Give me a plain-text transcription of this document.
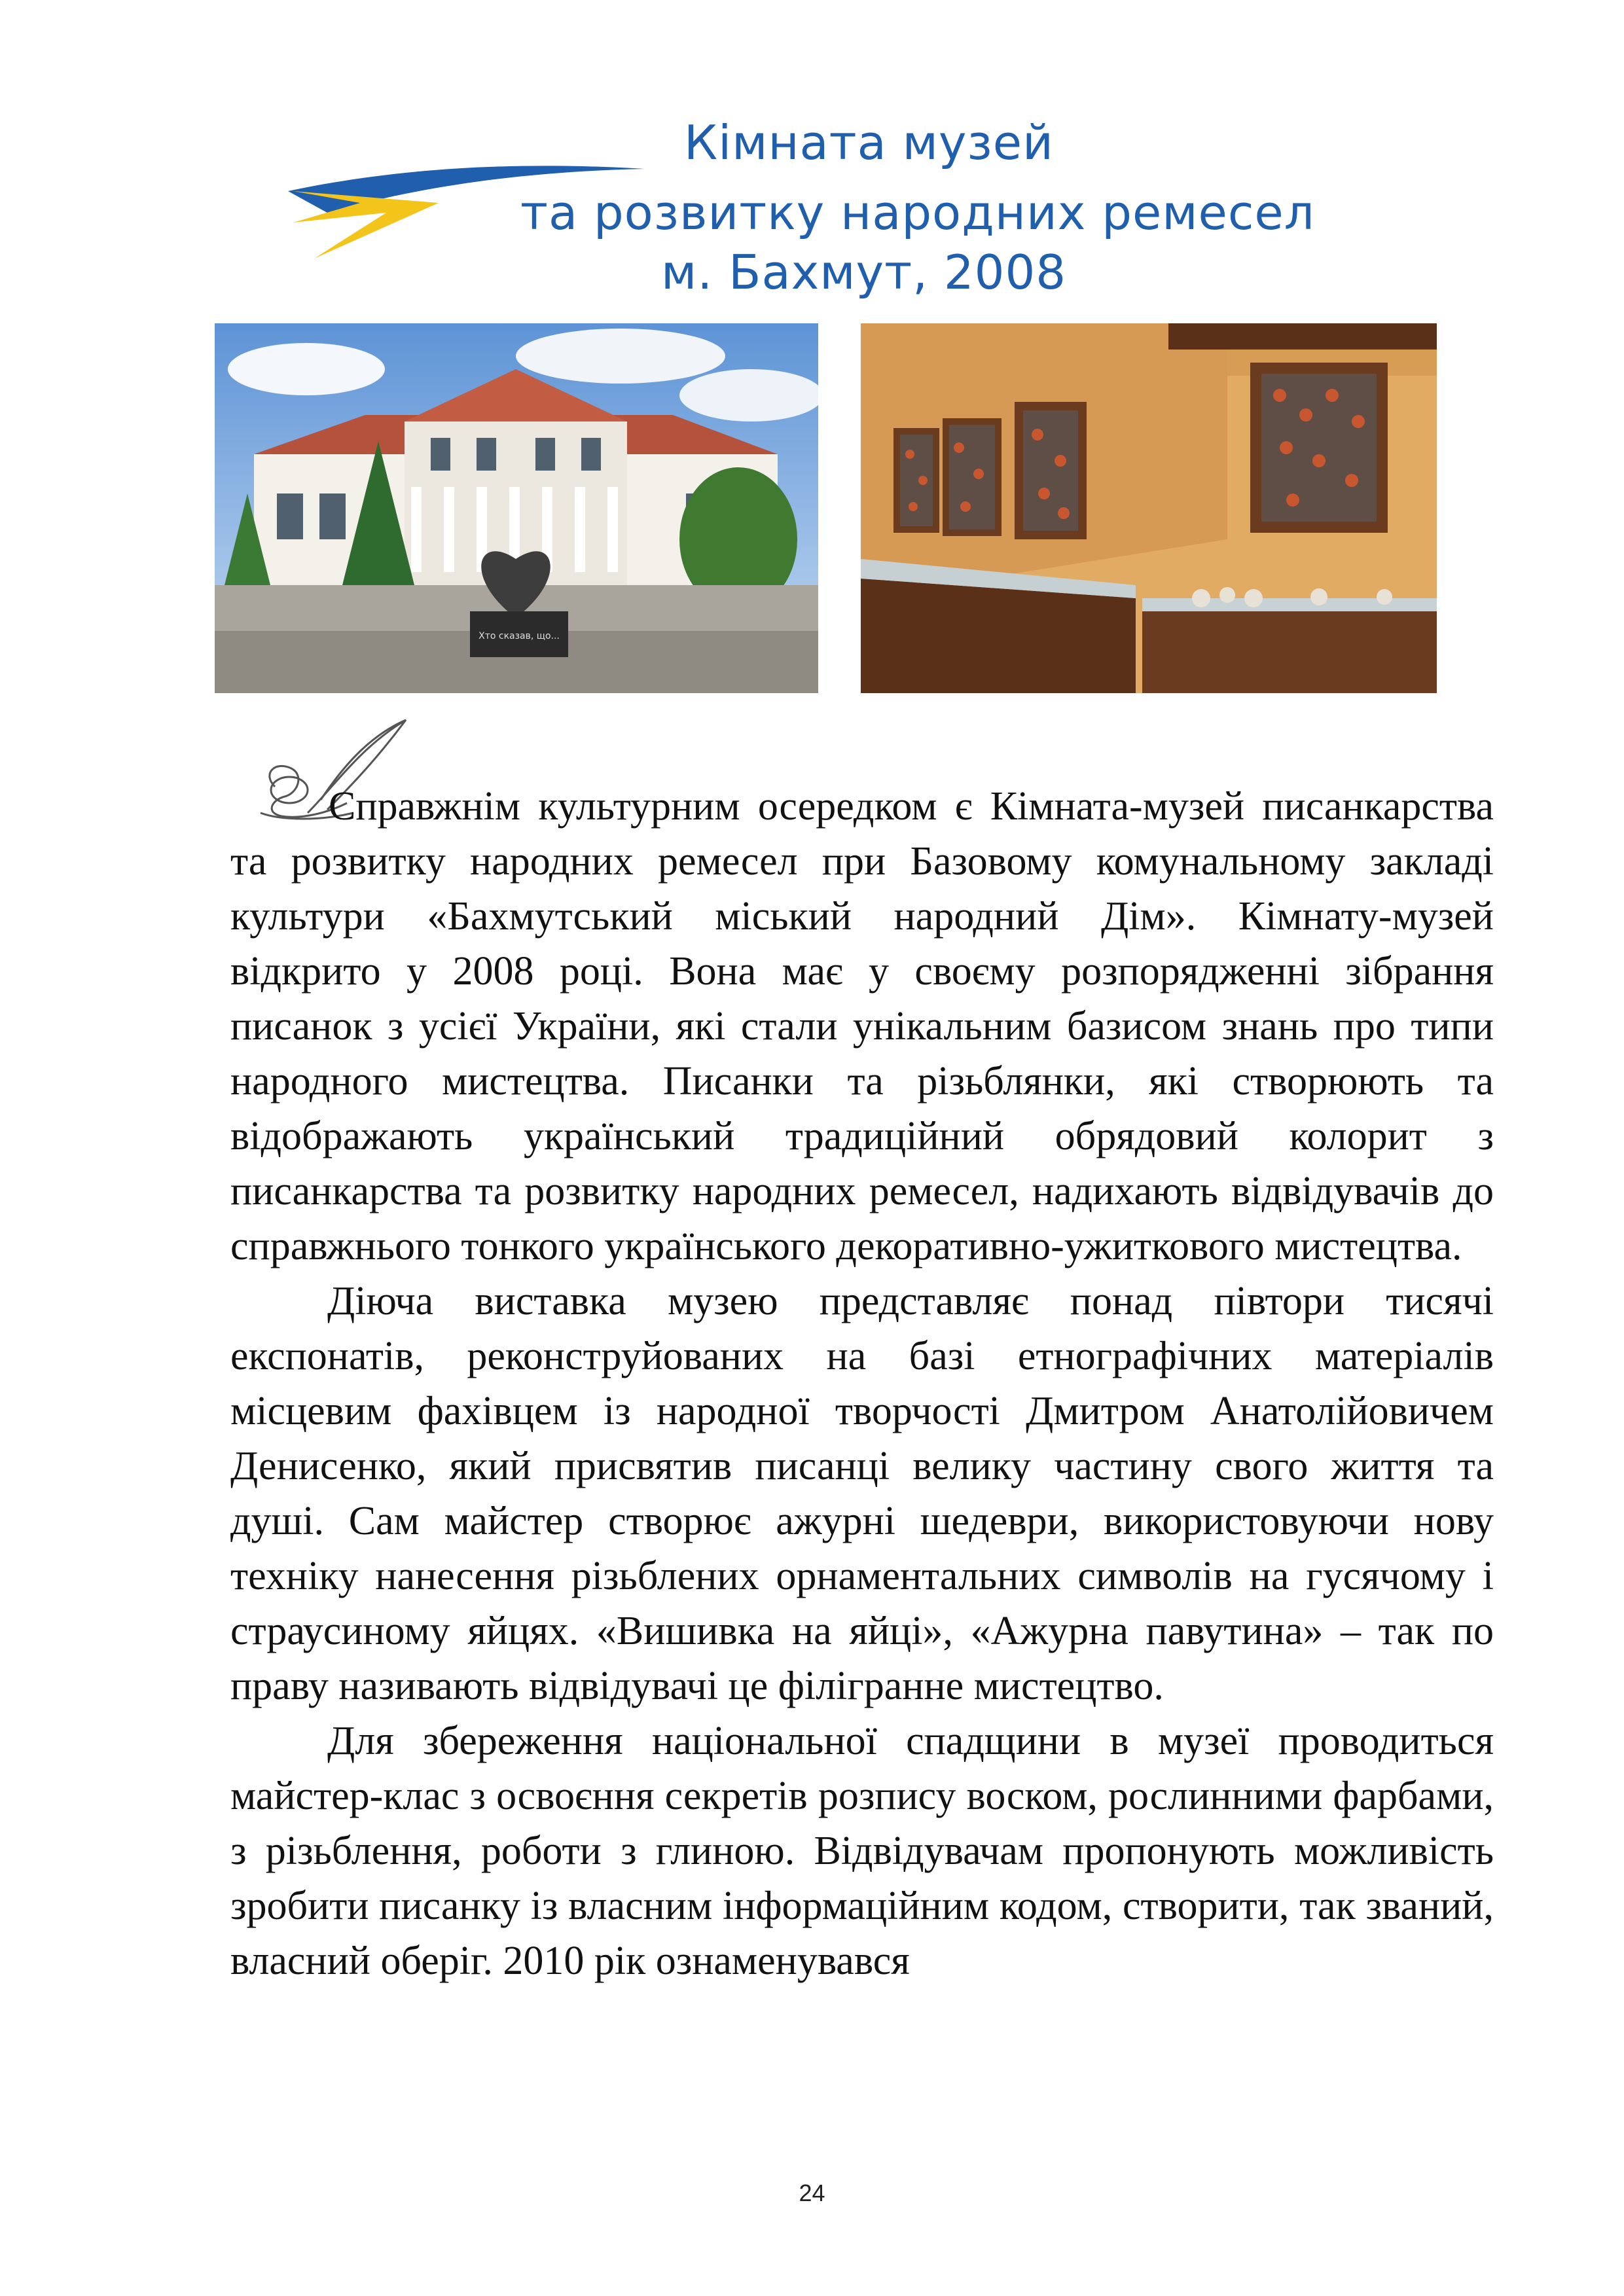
Кімната музей
та розвитку народних ремесел
м. Бахмут, 2008
Хто сказав, що...

Справжнім культурним осередком є Кімната-музей писанкарства та розвитку народних ремесел при Базовому комунальному закладі культури «Бахмутський міський народний Дім». Кімнату-музей відкрито у 2008 році. Вона має у своєму розпорядженні зібрання писанок з усієї України, які стали унікальним базисом знань про типи народного мистецтва. Писанки та різьблянки, які створюють та відображають український традиційний обрядовий колорит з писанкарства та розвитку народних ремесел, надихають відвідувачів до справжнього тонкого українського декоративно-ужиткового мистецтва.

Діюча виставка музею представляє понад півтори тисячі експонатів, реконструйованих на базі етнографічних матеріалів місцевим фахівцем із народної творчості Дмитром Анатолійовичем Денисенко, який присвятив писанці велику частину свого життя та душі. Сам майстер створює ажурні шедеври, використовуючи нову техніку нанесення різьблених орнаментальних символів на гусячому і страусиному яйцях. «Вишивка на яйці», «Ажурна павутина» – так по праву називають відвідувачі це філігранне мистецтво.

Для збереження національної спадщини в музеї проводиться майстер-клас з освоєння секретів розпису воском, рослинними фарбами, з різьблення, роботи з глиною. Відвідувачам пропонують можливість зробити писанку із власним інформаційним кодом, створити, так званий, власний оберіг. 2010 рік ознаменувався

24
